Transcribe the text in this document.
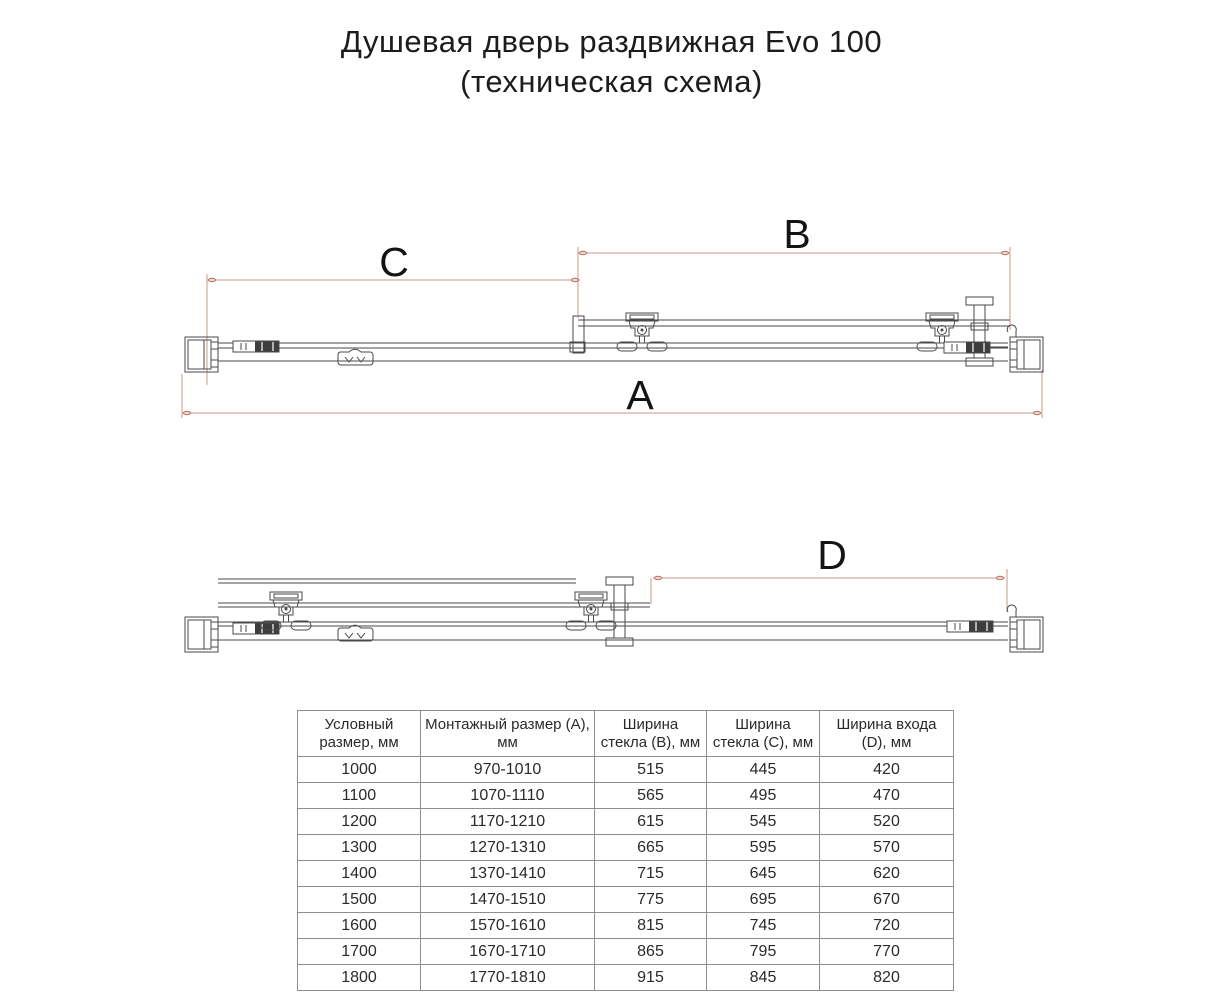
Душевая дверь раздвижная Evo 100
(техническая схема)
C
B
A
D
Условный размер, мм	Монтажный размер (A), мм	Ширина стекла (B), мм	Ширина стекла (C), мм	Ширина входа (D), мм
1000	970-1010	515	445	420
1100	1070-1110	565	495	470
1200	1170-1210	615	545	520
1300	1270-1310	665	595	570
1400	1370-1410	715	645	620
1500	1470-1510	775	695	670
1600	1570-1610	815	745	720
1700	1670-1710	865	795	770
1800	1770-1810	915	845	820
